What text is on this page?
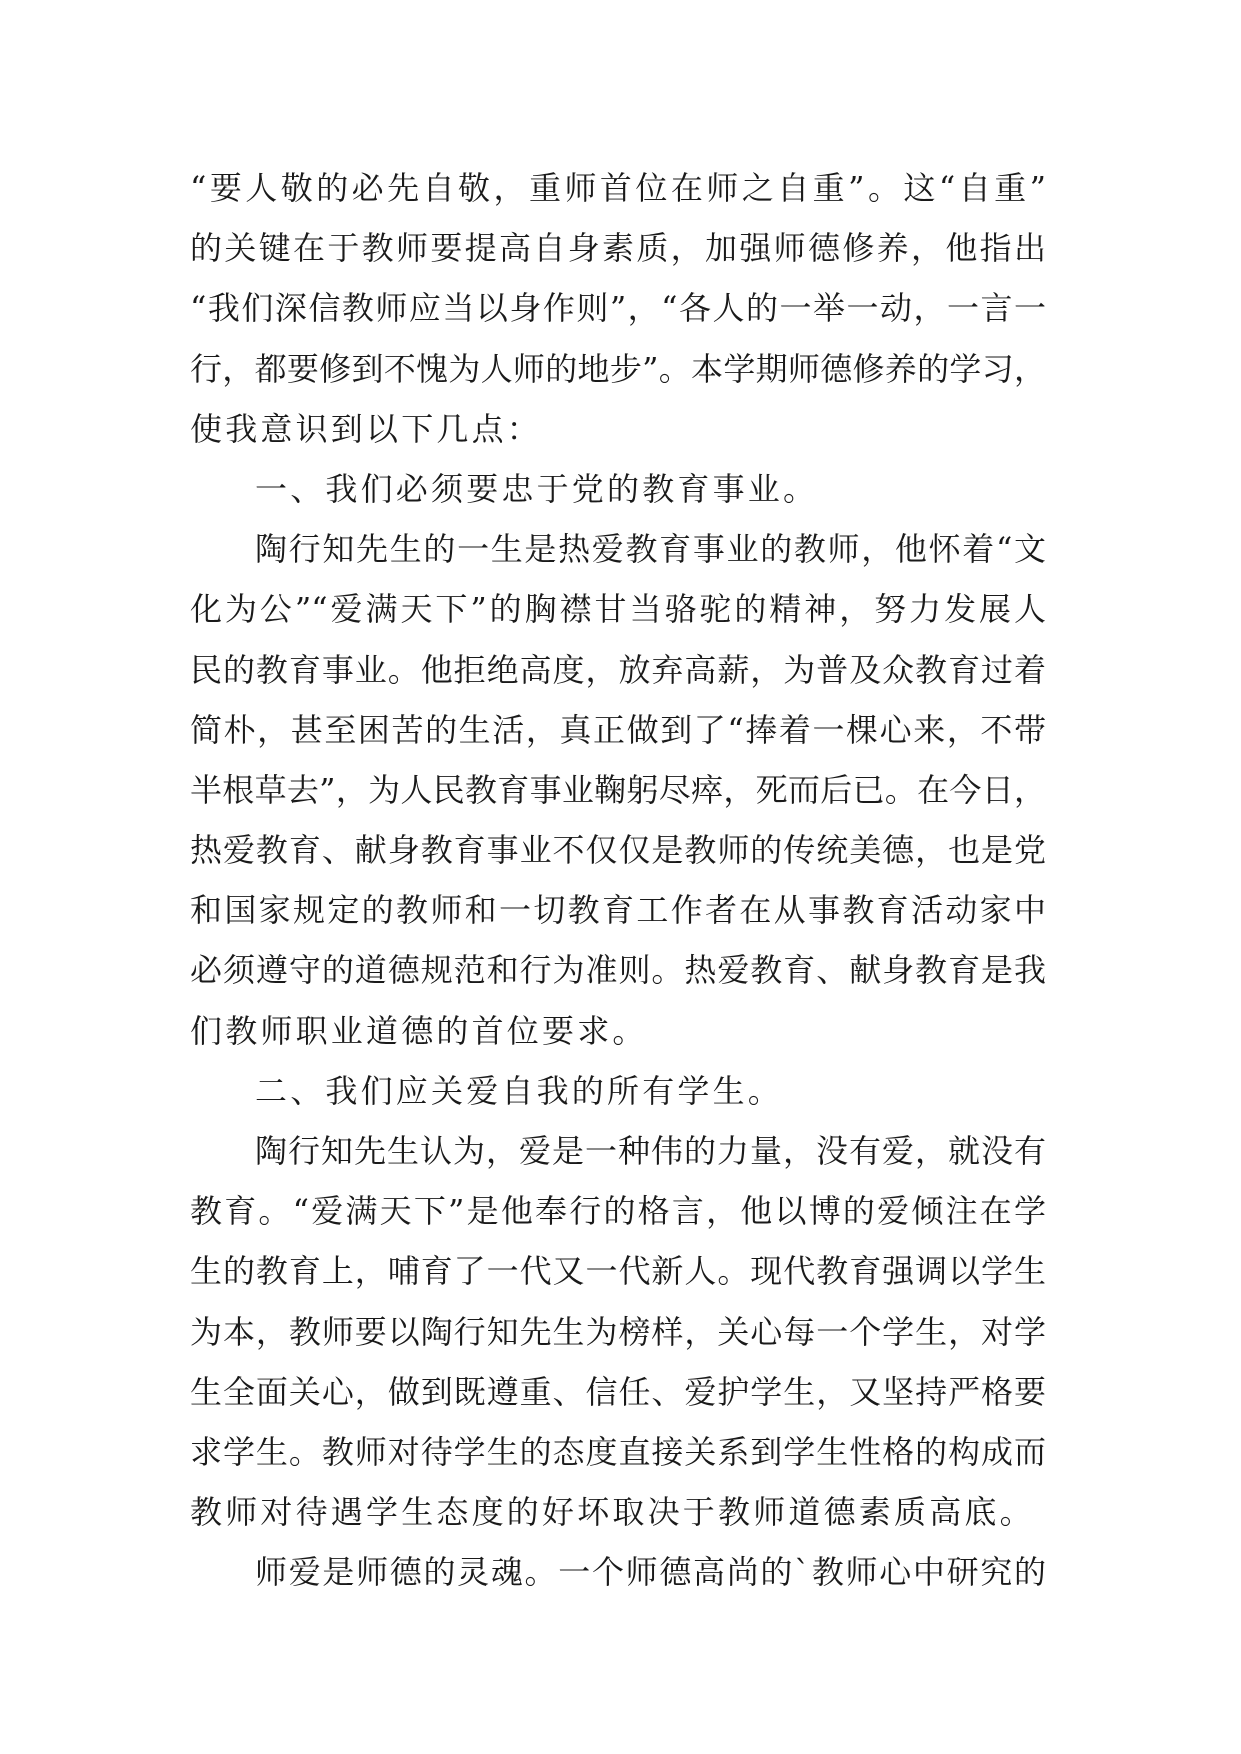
“要人敬的必先自敬，重师首位在师之自重”。这“自重”
的关键在于教师要提高自身素质，加强师德修养，他指出
“我们深信教师应当以身作则”，“各人的一举一动，一言一
行，都要修到不愧为人师的地步”。本学期师德修养的学习，
使我意识到以下几点：
一、我们必须要忠于党的教育事业。
陶行知先生的一生是热爱教育事业的教师，他怀着“文
化为公”“爱满天下”的胸襟甘当骆驼的精神，努力发展人
民的教育事业。他拒绝高度，放弃高薪，为普及众教育过着
简朴，甚至困苦的生活，真正做到了“捧着一棵心来，不带
半根草去”，为人民教育事业鞠躬尽瘁，死而后已。在今日，
热爱教育、献身教育事业不仅仅是教师的传统美德，也是党
和国家规定的教师和一切教育工作者在从事教育活动家中
必须遵守的道德规范和行为准则。热爱教育、献身教育是我
们教师职业道德的首位要求。
二、我们应关爱自我的所有学生。
陶行知先生认为，爱是一种伟的力量，没有爱，就没有
教育。“爱满天下”是他奉行的格言，他以博的爱倾注在学
生的教育上，哺育了一代又一代新人。现代教育强调以学生
为本，教师要以陶行知先生为榜样，关心每一个学生，对学
生全面关心，做到既遵重、信任、爱护学生，又坚持严格要
求学生。教师对待学生的态度直接关系到学生性格的构成而
教师对待遇学生态度的好坏取决于教师道德素质高底。
师爱是师德的灵魂。一个师德高尚的`教师心中研究的
